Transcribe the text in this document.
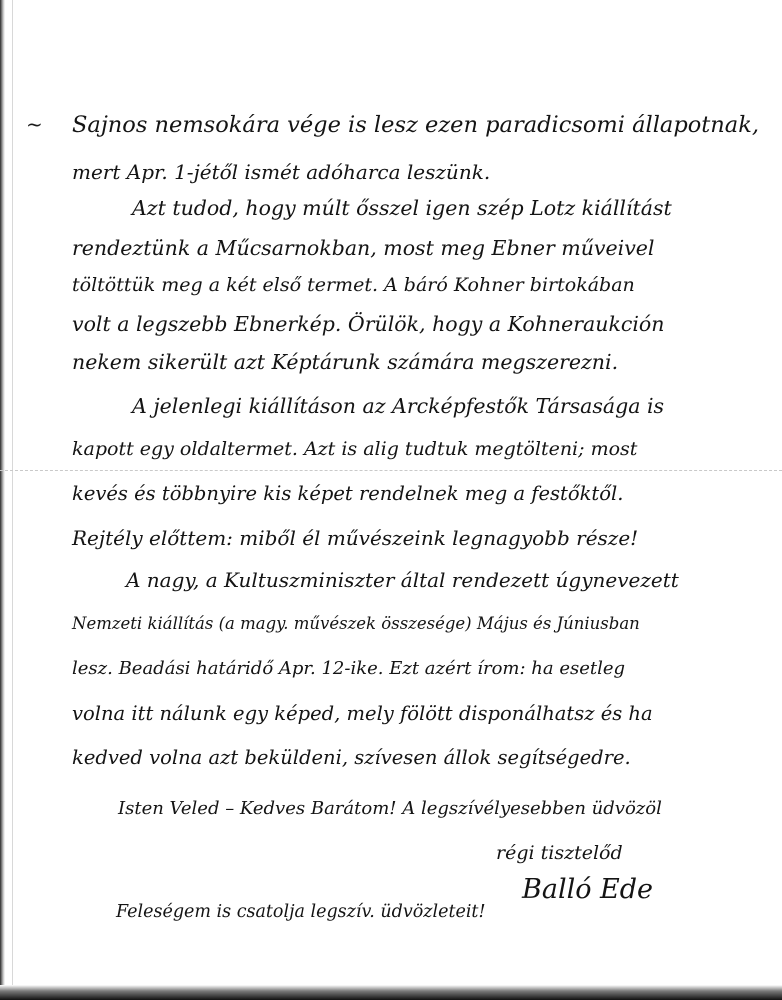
~ Sajnos nemsokára vége is lesz ezen paradicsomi állapotnak,
mert Apr. 1-jétől ismét adóharca leszünk.
Azt tudod, hogy múlt ősszel igen szép Lotz kiállítást
rendeztünk a Műcsarnokban, most meg Ebner műveivel
töltöttük meg a két első termet. A báró Kohner birtokában
volt a legszebb Ebnerkép. Örülök, hogy a Kohneraukción
nekem sikerült azt Képtárunk számára megszerezni.
A jelenlegi kiállításon az Arcképfestők Társasága is
kapott egy oldaltermet. Azt is alig tudtuk megtölteni; most
kevés és többnyire kis képet rendelnek meg a festőktől.
Rejtély előttem: miből él művészeink legnagyobb része!
A nagy, a Kultuszminiszter által rendezett úgynevezett
Nemzeti kiállítás (a magy. művészek összesége) Május és Júniusban
lesz. Beadási határidő Apr. 12-ike. Ezt azért írom: ha esetleg
volna itt nálunk egy képed, mely fölött disponálhatsz és ha
kedved volna azt beküldeni, szívesen állok segítségedre.
Isten Veled – Kedves Barátom! A legszívélyesebben üdvözöl
régi tisztelőd
Balló Ede
Feleségem is csatolja legszív. üdvözleteit!
